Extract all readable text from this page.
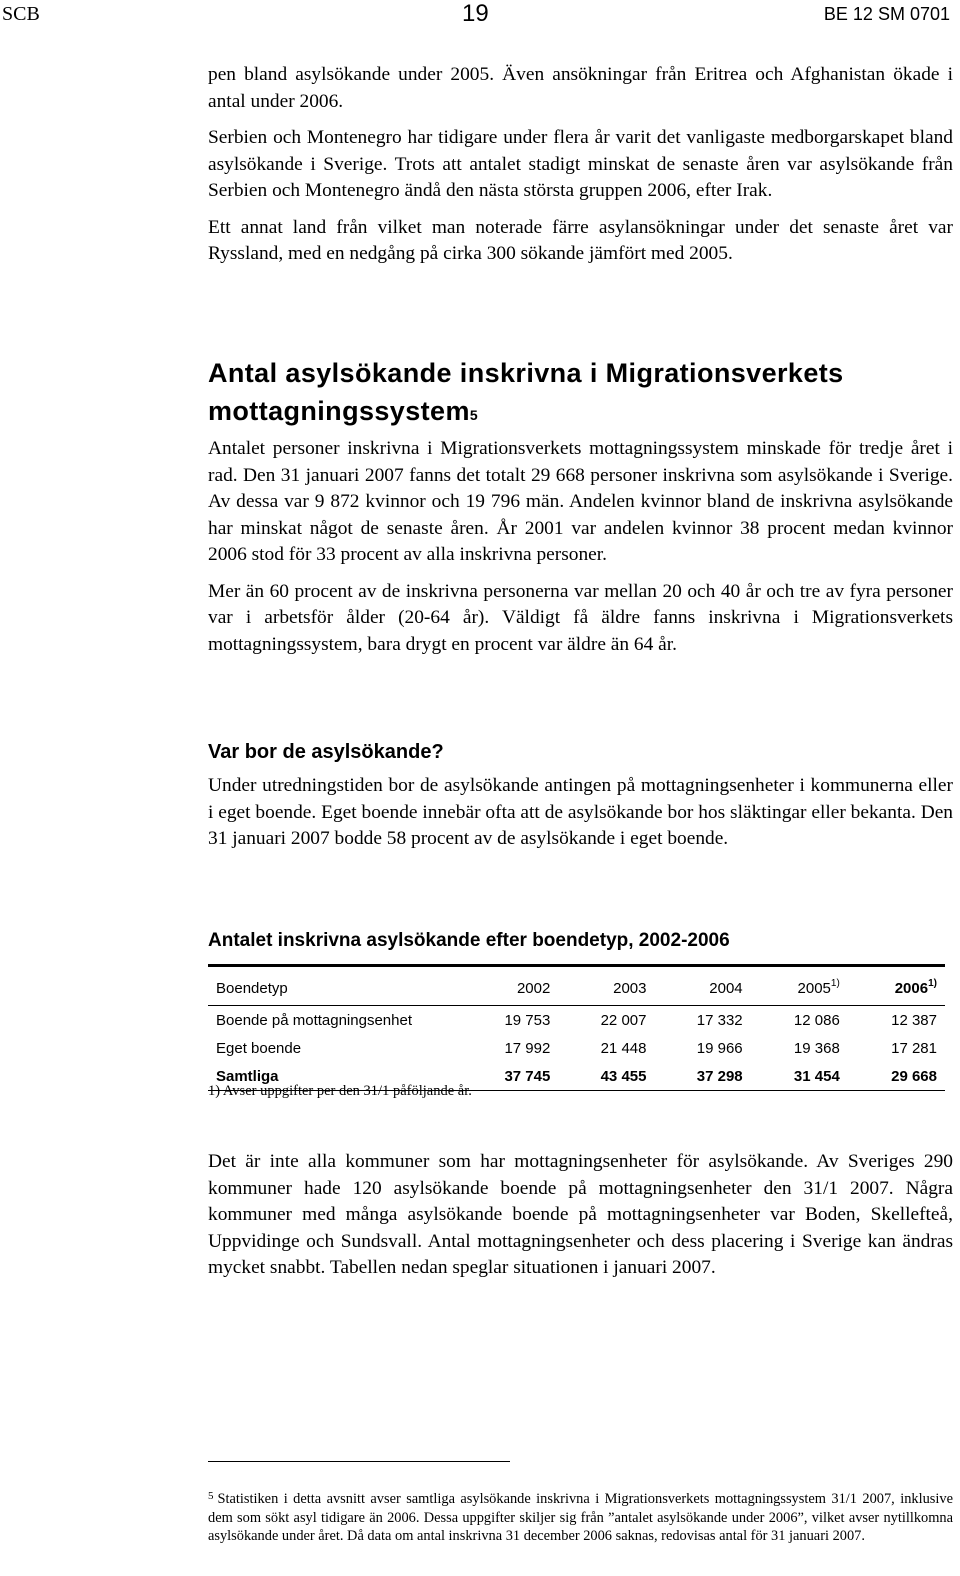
SCB	19	BE 12 SM 0701

pen bland asylsökande under 2005. Även ansökningar från Eritrea och Afghanistan ökade i antal under 2006.

Serbien och Montenegro har tidigare under flera år varit det vanligaste medborgarskapet bland asylsökande i Sverige. Trots att antalet stadigt minskat de senaste åren var asylsökande från Serbien och Montenegro ändå den nästa största gruppen 2006, efter Irak.

Ett annat land från vilket man noterade färre asylansökningar under det senaste året var Ryssland, med en nedgång på cirka 300 sökande jämfört med 2005.

Antal asylsökande inskrivna i Migrationsverkets mottagningssystem$^5$

Antalet personer inskrivna i Migrationsverkets mottagningssystem minskade för tredje året i rad. Den 31 januari 2007 fanns det totalt 29 668 personer inskrivna som asylsökande i Sverige. Av dessa var 9 872 kvinnor och 19 796 män. Andelen kvinnor bland de inskrivna asylsökande har minskat något de senaste åren. År 2001 var andelen kvinnor 38 procent medan kvinnor 2006 stod för 33 procent av alla inskrivna personer.

Mer än 60 procent av de inskrivna personerna var mellan 20 och 40 år och tre av fyra personer var i arbetsför ålder (20-64 år). Väldigt få äldre fanns inskrivna i Migrationsverkets mottagningssystem, bara drygt en procent var äldre än 64 år.

Var bor de asylsökande?

Under utredningstiden bor de asylsökande antingen på mottagningsenheter i kommunerna eller i eget boende. Eget boende innebär ofta att de asylsökande bor hos släktingar eller bekanta. Den 31 januari 2007 bodde 58 procent av de asylsökande i eget boende.

Antalet inskrivna asylsökande efter boendetyp, 2002-2006
Boendetyp	2002	2003	2004	2005$^{1)}$	2006$^{1)}$
Boende på mottagningsenhet	19 753	22 007	17 332	12 086	12 387
Eget boende	17 992	21 448	19 966	19 368	17 281
Samtliga	37 745	43 455	37 298	31 454	29 668
1) Avser uppgifter per den 31/1 påföljande år.

Det är inte alla kommuner som har mottagningsenheter för asylsökande. Av Sveriges 290 kommuner hade 120 asylsökande boende på mottagningsenheter den 31/1 2007. Några kommuner med många asylsökande boende på mottagningsenheter var Boden, Skellefteå, Uppvidinge och Sundsvall. Antal mottagningsenheter och dess placering i Sverige kan ändras mycket snabbt. Tabellen nedan speglar situationen i januari 2007.

$^5$ Statistiken i detta avsnitt avser samtliga asylsökande inskrivna i Migrationsverkets mottagningssystem 31/1 2007, inklusive dem som sökt asyl tidigare än 2006. Dessa uppgifter skiljer sig från ”antalet asylsökande under 2006”, vilket avser nytillkomna asylsökande under året. Då data om antal inskrivna 31 december 2006 saknas, redovisas antal för 31 januari 2007.
